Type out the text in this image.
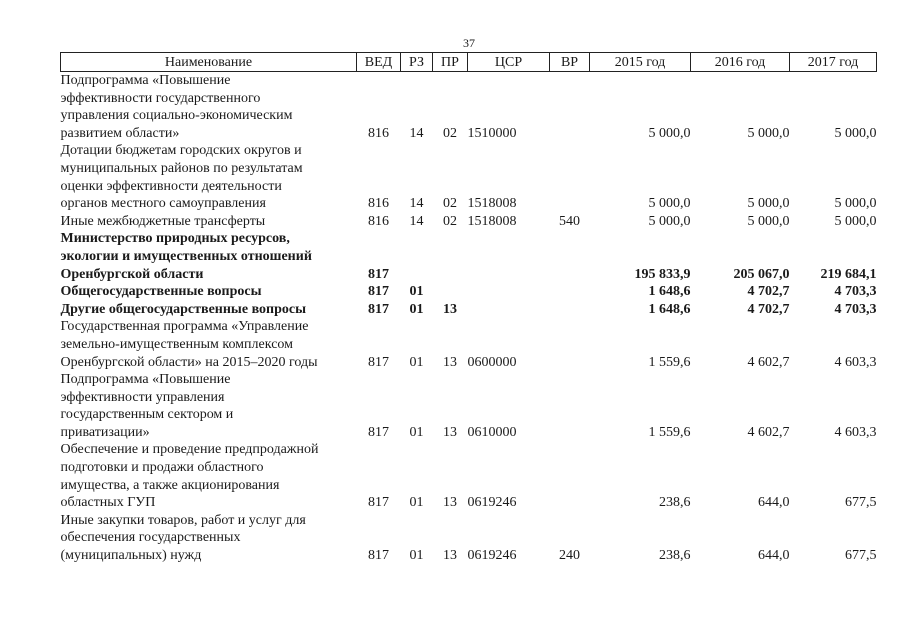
37
Наименование	ВЕД	РЗ	ПР	ЦСР	ВР	2015 год	2016 год	2017 год
Подпрограмма «Повышение
эффективности государственного
управления социально-экономическим
развитием области»	816	14	02	1510000		5 000,0	5 000,0	5 000,0
Дотации бюджетам городских округов и
муниципальных районов по результатам
оценки эффективности деятельности
органов местного самоуправления	816	14	02	1518008		5 000,0	5 000,0	5 000,0
Иные межбюджетные трансферты	816	14	02	1518008	540	5 000,0	5 000,0	5 000,0
Министерство природных ресурсов,
экологии и имущественных отношений
Оренбургской области	817					195 833,9	205 067,0	219 684,1
Общегосударственные вопросы	817	01				1 648,6	4 702,7	4 703,3
Другие общегосударственные вопросы	817	01	13			1 648,6	4 702,7	4 703,3
Государственная программа «Управление
земельно-имущественным комплексом
Оренбургской области» на 2015–2020 годы	817	01	13	0600000		1 559,6	4 602,7	4 603,3
Подпрограмма «Повышение
эффективности управления
государственным сектором и
приватизации»	817	01	13	0610000		1 559,6	4 602,7	4 603,3
Обеспечение и проведение предпродажной
подготовки и продажи областного
имущества, а также акционирования
областных ГУП	817	01	13	0619246		238,6	644,0	677,5
Иные закупки товаров, работ и услуг для
обеспечения государственных
(муниципальных) нужд	817	01	13	0619246	240	238,6	644,0	677,5
